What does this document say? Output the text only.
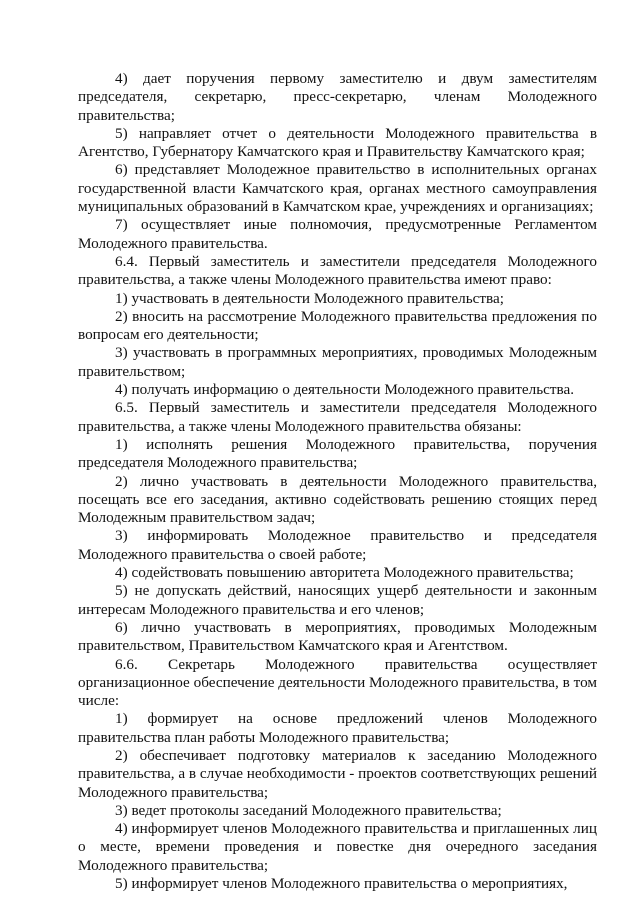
4) дает поручения первому заместителю и двум заместителям председателя, секретарю, пресс-секретарю, членам Молодежного правительства;

5) направляет отчет о деятельности Молодежного правительства в Агентство, Губернатору Камчатского края и Правительству Камчатского края;

6) представляет Молодежное правительство в исполнительных органах государственной власти Камчатского края, органах местного самоуправления муниципальных образований в Камчатском крае, учреждениях и организациях;

7) осуществляет иные полномочия, предусмотренные Регламентом Молодежного правительства.

6.4. Первый заместитель и заместители председателя Молодежного правительства, а также члены Молодежного правительства имеют право:

1) участвовать в деятельности Молодежного правительства;

2) вносить на рассмотрение Молодежного правительства предложения по вопросам его деятельности;

3) участвовать в программных мероприятиях, проводимых Молодежным правительством;

4) получать информацию о деятельности Молодежного правительства.

6.5. Первый заместитель и заместители председателя Молодежного правительства, а также члены Молодежного правительства обязаны:

1) исполнять решения Молодежного правительства, поручения председателя Молодежного правительства;

2) лично участвовать в деятельности Молодежного правительства, посещать все его заседания, активно содействовать решению стоящих перед Молодежным правительством задач;

3) информировать Молодежное правительство и председателя Молодежного правительства о своей работе;

4) содействовать повышению авторитета Молодежного правительства;

5) не допускать действий, наносящих ущерб деятельности и законным интересам Молодежного правительства и его членов;

6) лично участвовать в мероприятиях, проводимых Молодежным правительством, Правительством Камчатского края и Агентством.

6.6. Секретарь Молодежного правительства осуществляет организационное обеспечение деятельности Молодежного правительства, в том числе:

1) формирует на основе предложений членов Молодежного правительства план работы Молодежного правительства;

2) обеспечивает подготовку материалов к заседанию Молодежного правительства, а в случае необходимости - проектов соответствующих решений Молодежного правительства;

3) ведет протоколы заседаний Молодежного правительства;

4) информирует членов Молодежного правительства и приглашенных лиц о месте, времени проведения и повестке дня очередного заседания Молодежного правительства;

5) информирует членов Молодежного правительства о мероприятиях,
